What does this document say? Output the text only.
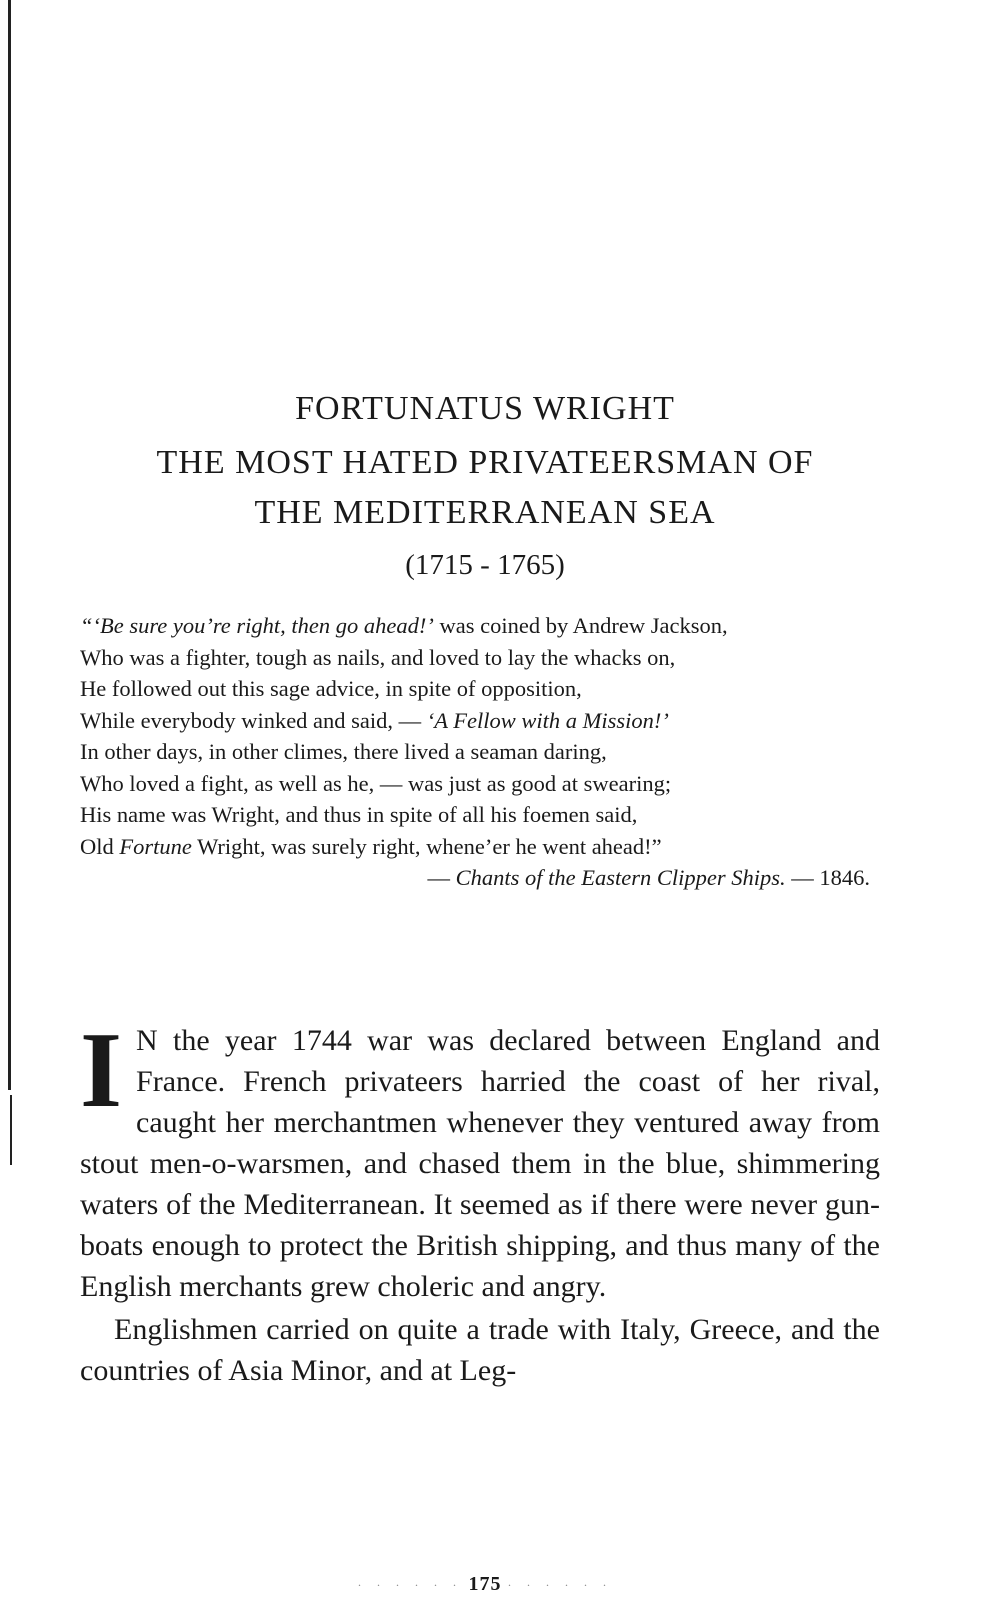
FORTUNATUS WRIGHT

THE MOST HATED PRIVATEERSMAN OF

THE MEDITERRANEAN SEA

(1715 - 1765)
“‘Be sure you’re right, then go ahead!’ was coined by Andrew Jackson,
Who was a fighter, tough as nails, and loved to lay the whacks on,
He followed out this sage advice, in spite of opposition,
While everybody winked and said, — ‘A Fellow with a Mission!’
In other days, in other climes, there lived a seaman daring,
Who loved a fight, as well as he, — was just as good at swearing;
His name was Wright, and thus in spite of all his foemen said,
Old Fortune Wright, was surely right, whene’er he went ahead!”
— Chants of the Eastern Clipper Ships. — 1846.

I N the year 1744 war was declared between England and France. French privateers harried the coast of her rival, caught her merchantmen whenever they ventured away from stout men-o-warsmen, and chased them in the blue, shimmering waters of the Mediterranean. It seemed as if there were never gun-boats enough to protect the British shipping, and thus many of the English merchants grew choleric and angry.

Englishmen carried on quite a trade with Italy, Greece, and the countries of Asia Minor, and at Leg-

· · · · · · 175 · · · · · ·
